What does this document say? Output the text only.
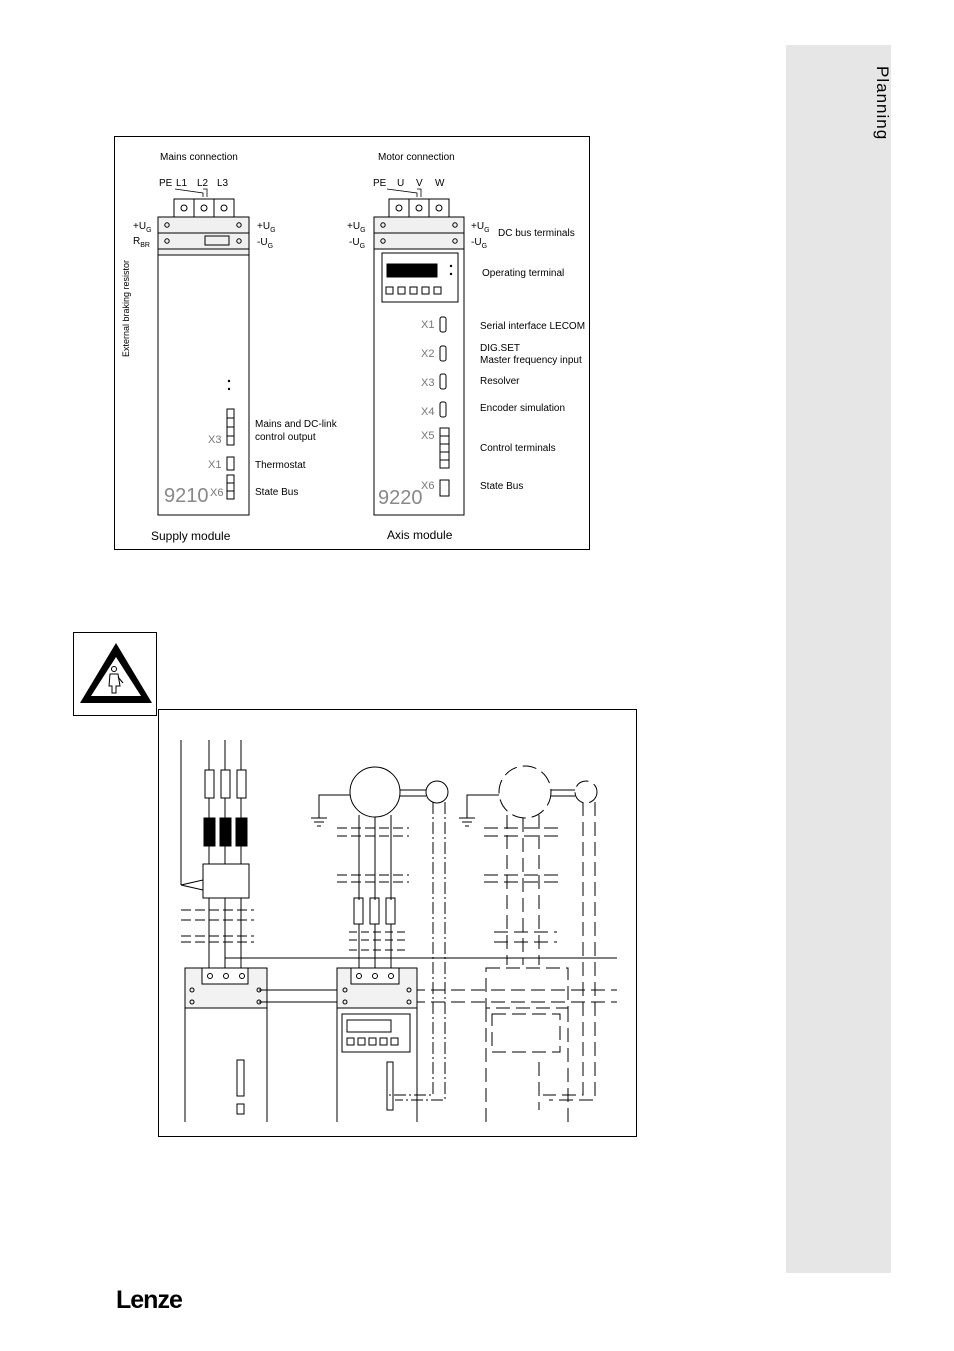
Planning
Mains connection
PE L1 L2 L3
Motor connection
PE U V W
$+U_G$
$R_{BR}$
$+U_G$
$-U_G$
External braking resistor
X3
X1
X6
9210
Mains and DC-link
control output
Thermostat
State Bus
Supply module
$+U_G$
$-U_G$
$+U_G$
$-U_G$
DC bus terminals
Operating terminal
X1
X2
X3
X4
X5
X6
9220
Serial interface LECOM
DIG.SET
Master frequency input
Resolver
Encoder simulation
Control terminals
State Bus
Axis module
Lenze
